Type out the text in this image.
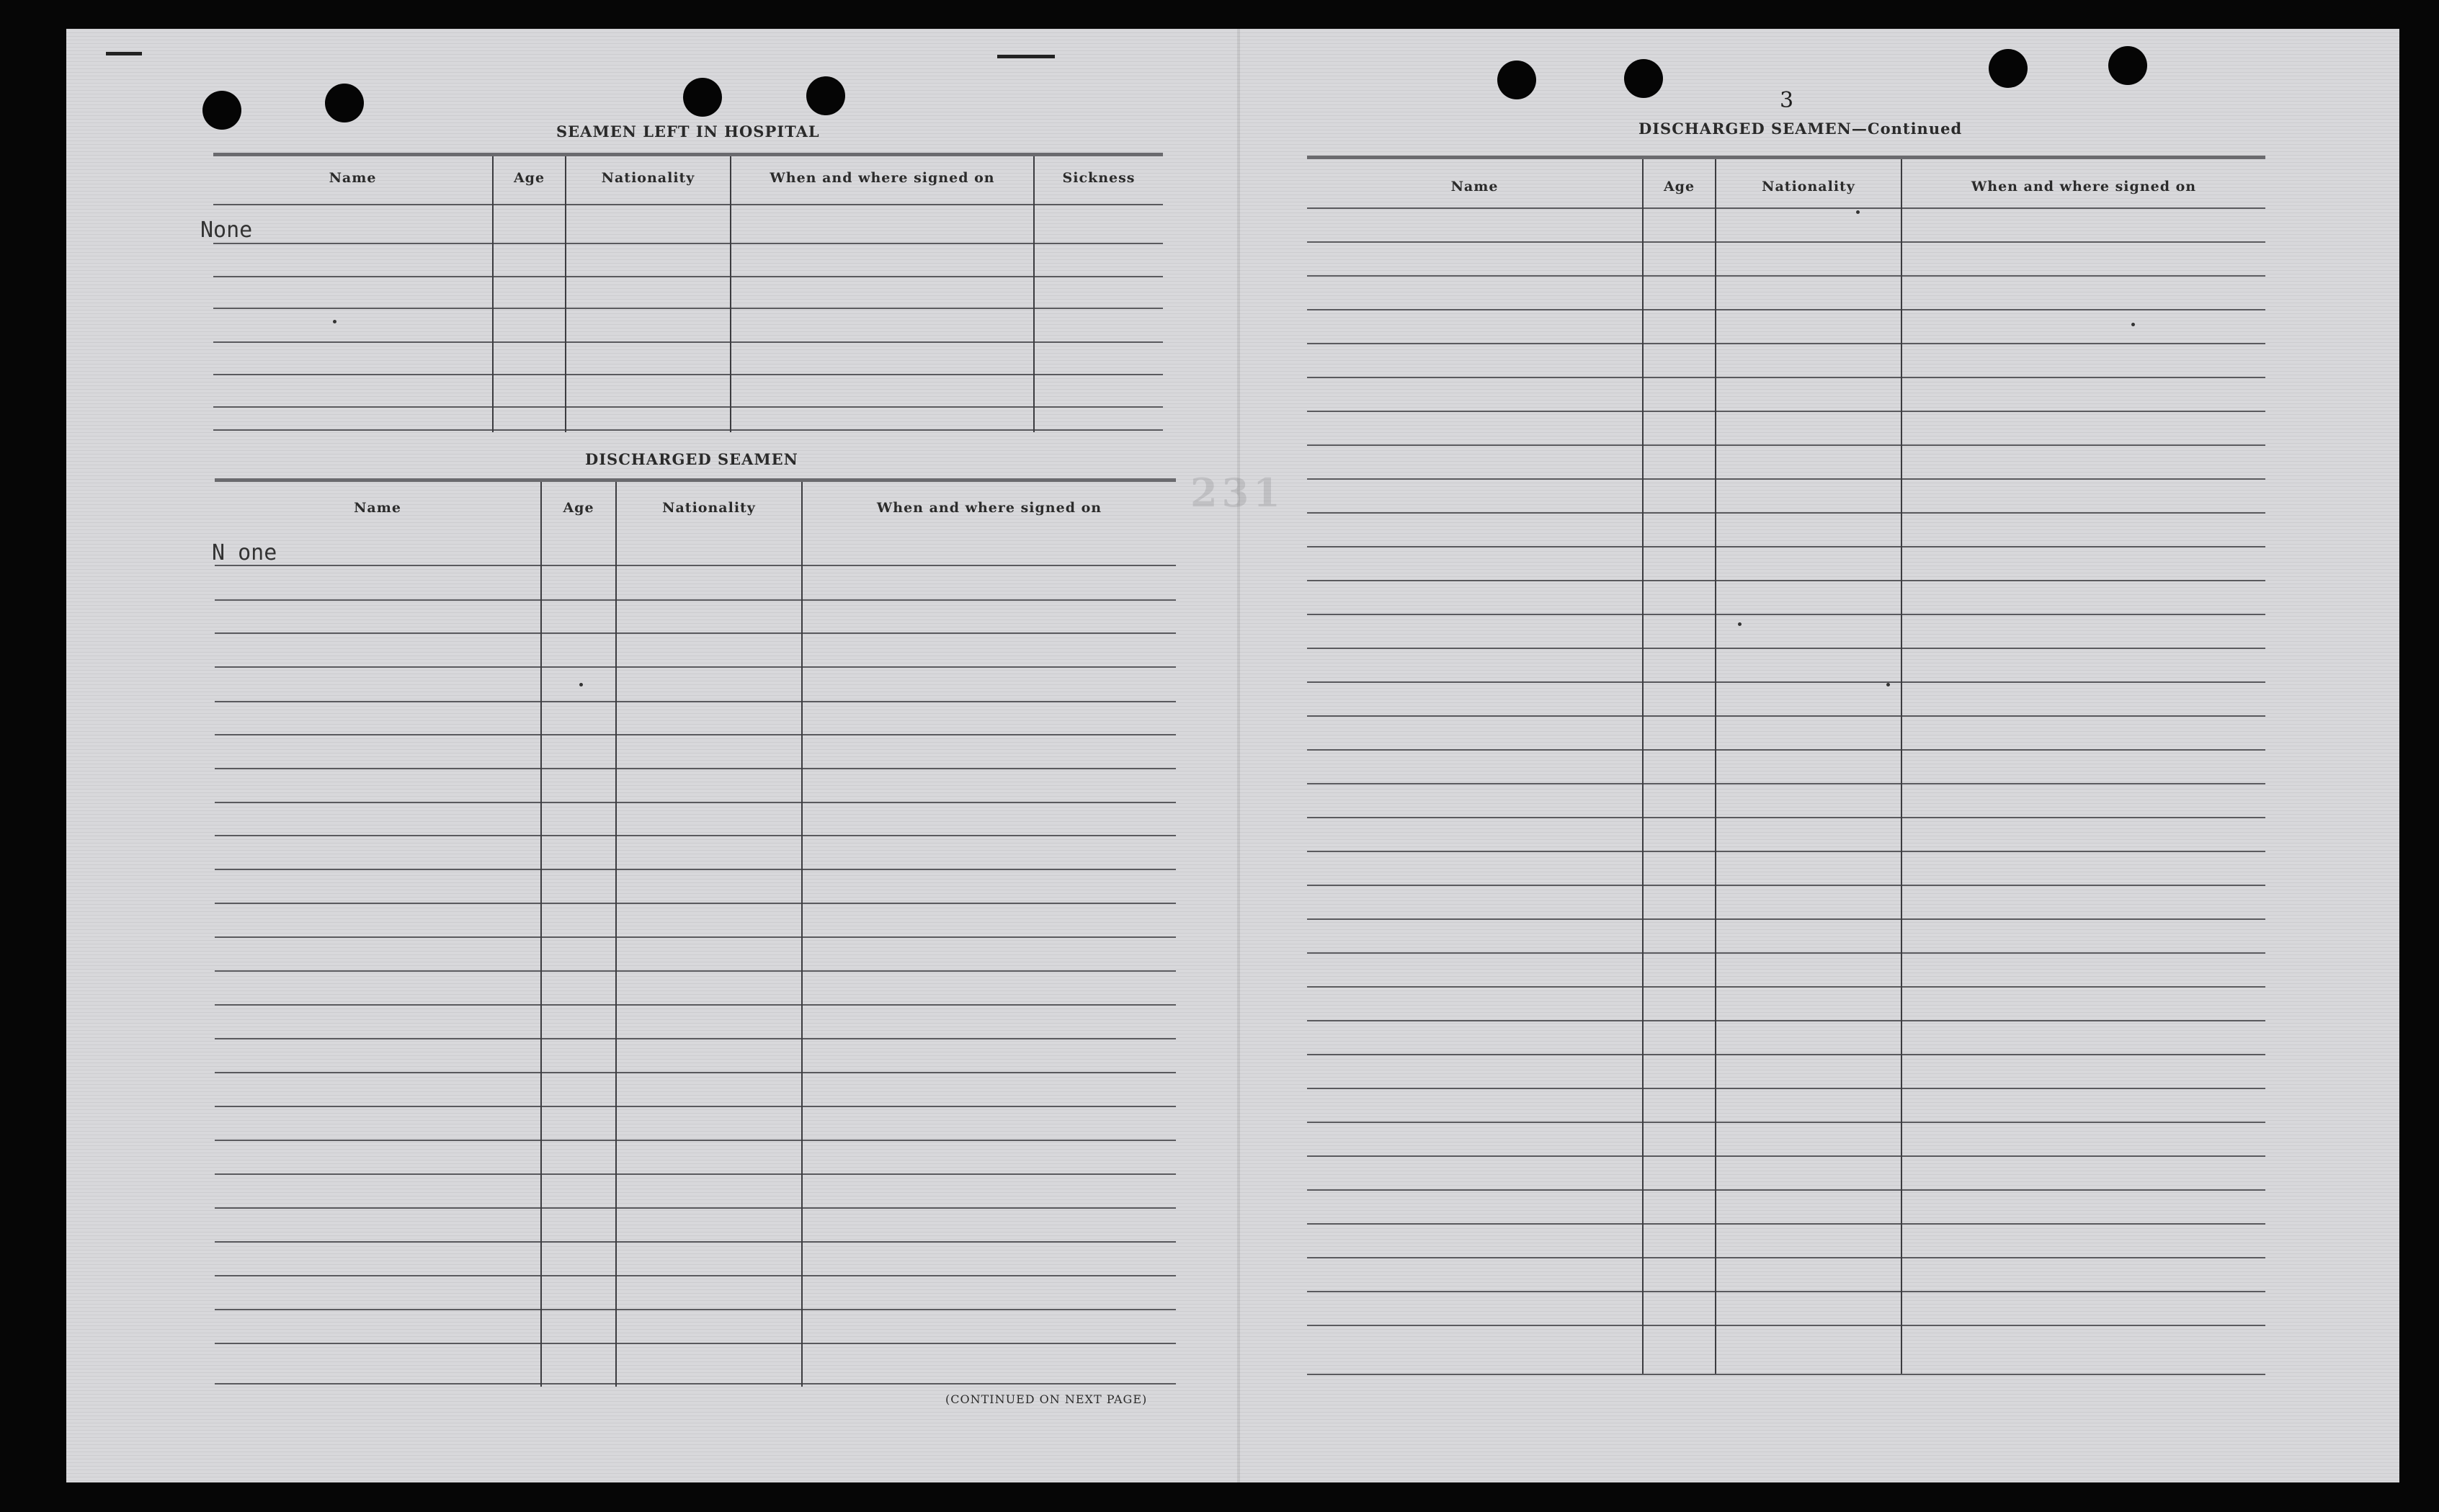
231
SEAMEN LEFT IN HOSPITAL
Name	Age	Nationality	When and where signed on	Sickness
None
DISCHARGED SEAMEN
Name	Age	Nationality	When and where signed on
N one
(CONTINUED ON NEXT PAGE)
3
DISCHARGED SEAMEN—Continued
Name	Age	Nationality	When and where signed on
